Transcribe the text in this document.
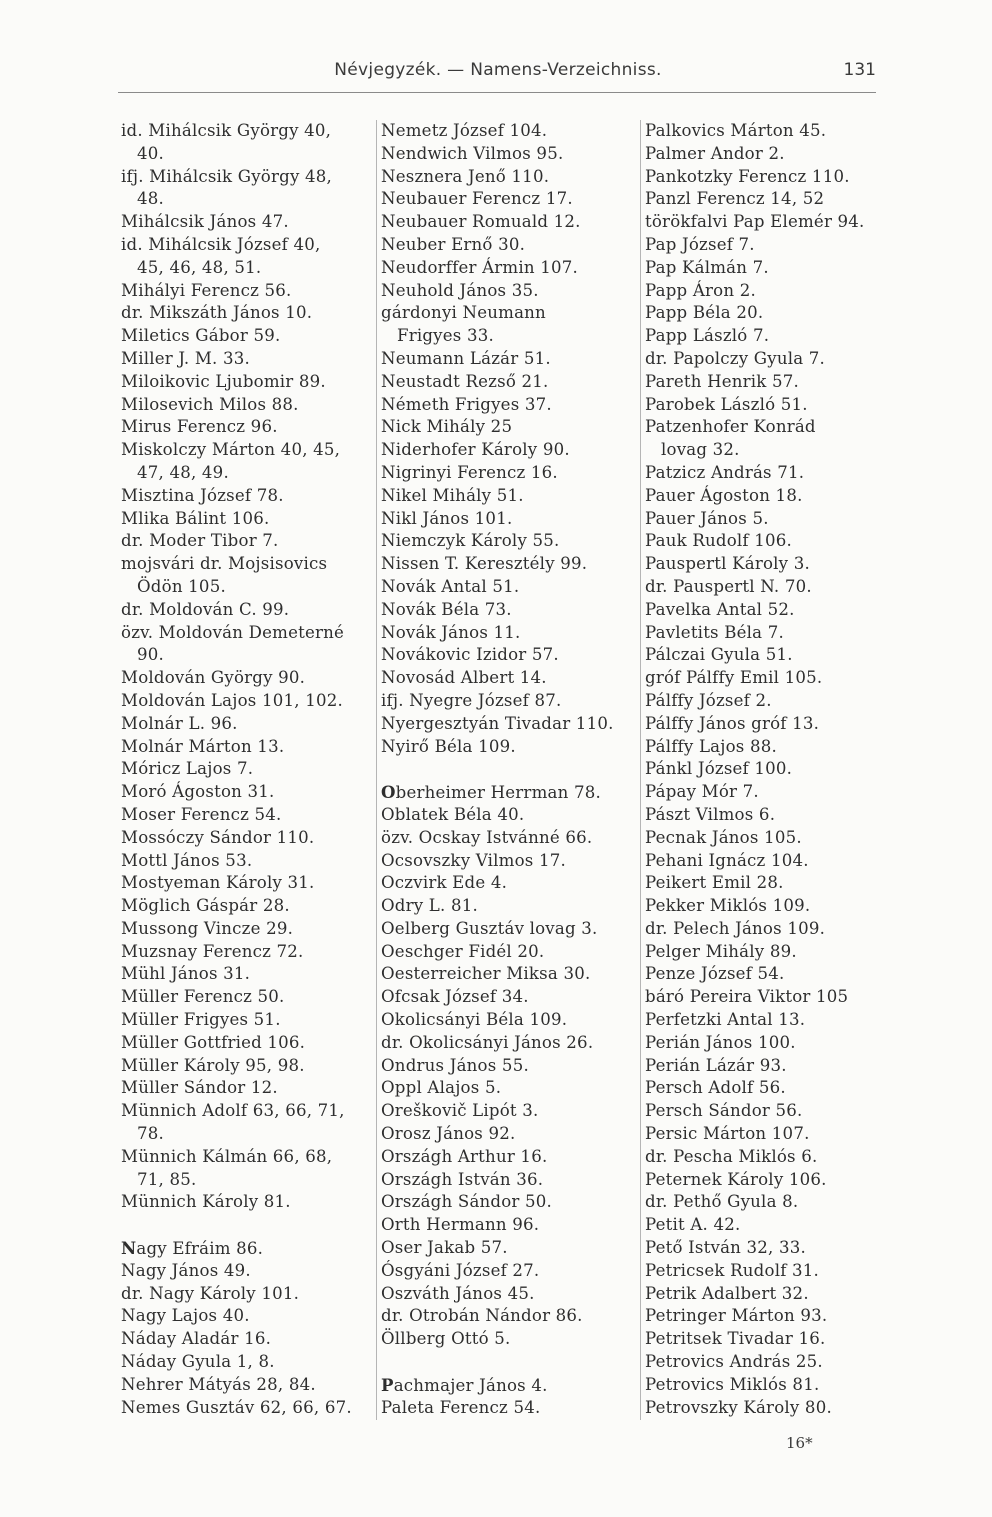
Névjegyzék. — Namens-Verzeichniss.	131
id. Mihálcsik György 40,
40.
ifj. Mihálcsik György 48,
48.
Mihálcsik János 47.
id. Mihálcsik József 40,
45, 46, 48, 51.
Mihályi Ferencz 56.
dr. Mikszáth János 10.
Miletics Gábor 59.
Miller J. M. 33.
Miloikovic Ljubomir 89.
Milosevich Milos 88.
Mirus Ferencz 96.
Miskolczy Márton 40, 45,
47, 48, 49.
Misztina József 78.
Mlika Bálint 106.
dr. Moder Tibor 7.
mojsvári dr. Mojsisovics
Ödön 105.
dr. Moldován C. 99.
özv. Moldován Demeterné
90.
Moldován György 90.
Moldován Lajos 101, 102.
Molnár L. 96.
Molnár Márton 13.
Móricz Lajos 7.
Moró Ágoston 31.
Moser Ferencz 54.
Mossóczy Sándor 110.
Mottl János 53.
Mostyeman Károly 31.
Möglich Gáspár 28.
Mussong Vincze 29.
Muzsnay Ferencz 72.
Mühl János 31.
Müller Ferencz 50.
Müller Frigyes 51.
Müller Gottfried 106.
Müller Károly 95, 98.
Müller Sándor 12.
Münnich Adolf 63, 66, 71,
78.
Münnich Kálmán 66, 68,
71, 85.
Münnich Károly 81.
Nagy Efráim 86.
Nagy János 49.
dr. Nagy Károly 101.
Nagy Lajos 40.
Náday Aladár 16.
Náday Gyula 1, 8.
Nehrer Mátyás 28, 84.
Nemes Gusztáv 62, 66, 67.
Nemetz József 104.
Nendwich Vilmos 95.
Nesznera Jenő 110.
Neubauer Ferencz 17.
Neubauer Romuald 12.
Neuber Ernő 30.
Neudorffer Ármin 107.
Neuhold János 35.
gárdonyi Neumann
Frigyes 33.
Neumann Lázár 51.
Neustadt Rezső 21.
Németh Frigyes 37.
Nick Mihály 25
Niderhofer Károly 90.
Nigrinyi Ferencz 16.
Nikel Mihály 51.
Nikl János 101.
Niemczyk Károly 55.
Nissen T. Keresztély 99.
Novák Antal 51.
Novák Béla 73.
Novák János 11.
Novákovic Izidor 57.
Novosád Albert 14.
ifj. Nyegre József 87.
Nyergesztyán Tivadar 110.
Nyirő Béla 109.
Oberheimer Herrman 78.
Oblatek Béla 40.
özv. Ocskay Istvánné 66.
Ocsovszky Vilmos 17.
Oczvirk Ede 4.
Odry L. 81.
Oelberg Gusztáv lovag 3.
Oeschger Fidél 20.
Oesterreicher Miksa 30.
Ofcsak József 34.
Okolicsányi Béla 109.
dr. Okolicsányi János 26.
Ondrus János 55.
Oppl Alajos 5.
Oreškovič Lipót 3.
Orosz János 92.
Országh Arthur 16.
Országh István 36.
Országh Sándor 50.
Orth Hermann 96.
Oser Jakab 57.
Ósgyáni József 27.
Oszváth János 45.
dr. Otrobán Nándor 86.
Öllberg Ottó 5.
Pachmajer János 4.
Paleta Ferencz 54.
Palkovics Márton 45.
Palmer Andor 2.
Pankotzky Ferencz 110.
Panzl Ferencz 14, 52
törökfalvi Pap Elemér 94.
Pap József 7.
Pap Kálmán 7.
Papp Áron 2.
Papp Béla 20.
Papp László 7.
dr. Papolczy Gyula 7.
Pareth Henrik 57.
Parobek László 51.
Patzenhofer Konrád
lovag 32.
Patzicz András 71.
Pauer Ágoston 18.
Pauer János 5.
Pauk Rudolf 106.
Pauspertl Károly 3.
dr. Pauspertl N. 70.
Pavelka Antal 52.
Pavletits Béla 7.
Pálczai Gyula 51.
gróf Pálffy Emil 105.
Pálffy József 2.
Pálffy János gróf 13.
Pálffy Lajos 88.
Pánkl József 100.
Pápay Mór 7.
Pászt Vilmos 6.
Pecnak János 105.
Pehani Ignácz 104.
Peikert Emil 28.
Pekker Miklós 109.
dr. Pelech János 109.
Pelger Mihály 89.
Penze József 54.
báró Pereira Viktor 105
Perfetzki Antal 13.
Perián János 100.
Perián Lázár 93.
Persch Adolf 56.
Persch Sándor 56.
Persic Márton 107.
dr. Pescha Miklós 6.
Peternek Károly 106.
dr. Pethő Gyula 8.
Petit A. 42.
Pető István 32, 33.
Petricsek Rudolf 31.
Petrik Adalbert 32.
Petringer Márton 93.
Petritsek Tivadar 16.
Petrovics András 25.
Petrovics Miklós 81.
Petrovszky Károly 80.
16*
